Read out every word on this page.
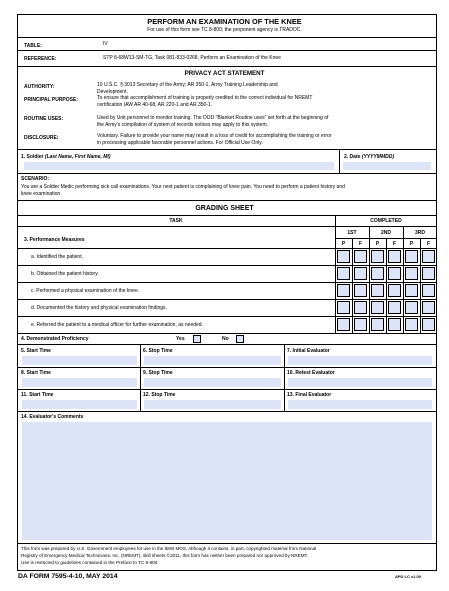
PERFORM AN EXAMINATION OF THE KNEE
For use of this form see TC 8-800; the proponent agency is TRADOC.
TABLE:	IV
REFERENCE:	STP 8-68W13-SM-TG, Task 081-833-0268, Perform an Examination of the Knee
PRIVACY ACT STATEMENT
AUTHORITY:	10 U.S.C. § 3013 Secretary of the Army; AR 350-1, Army Training Leadership and
Development.
PRINCIPAL PURPOSE:	To ensure that accomplishment of training is properly credited to the correct individual for NREMT
certification IAW AR 40-68, AR 220-1 and AR 350-1.
ROUTINE USES:	Used by Unit personnel to monitor training. The DOD "Blanket Routine uses" set forth at the beginning of
the Army's compilation of system of records notices may apply to this system.
DISCLOSURE:	Voluntary. Failure to provide your name may result in a loss of credit for accomplishing the training or error
in processing applicable favorable personnel actions. For Official Use Only.
1. Soldier (Last Name, First Name, MI)	2. Date (YYYYMMDD)
SCENARIO:
You are a Soldier Medic performing sick call examinations. Your next patient is complaining of knee pain. You need to perform a patient history and
knee examination.
GRADING SHEET
TASK	COMPLETED
1ST	2ND	3RD
P	F	P	F	P	F
3. Performance Measures
a. Identified the patient.
b. Obtained the patient history.
c. Performed a physical examination of the knee.
d. Documented the history and physical examination findings.
e. Referred the patient to a medical officer for further examination, as needed.
4. Demonstrated Proficiency	Yes	No
5. Start Time	6. Stop Time	7. Initial Evaluator
8. Start Time	9. Stop Time	10. Retest Evaluator
11. Start Time	12. Stop Time	13. Final Evaluator
14. Evaluator's Comments
This form was prepared by U.S. Government employees for use in the 68W MOS. Although it contains, in part, copyrighted material from National
Registry of Emergency Medical Technicians, Inc. (NREMT), skill sheets ©2011, this form has neither been prepared nor approved by NREMT.
Use is restricted to guidelines contained in the Preface to TC 8-800.
DA FORM 7595-4-10, MAY 2014	APD LC v1.00
